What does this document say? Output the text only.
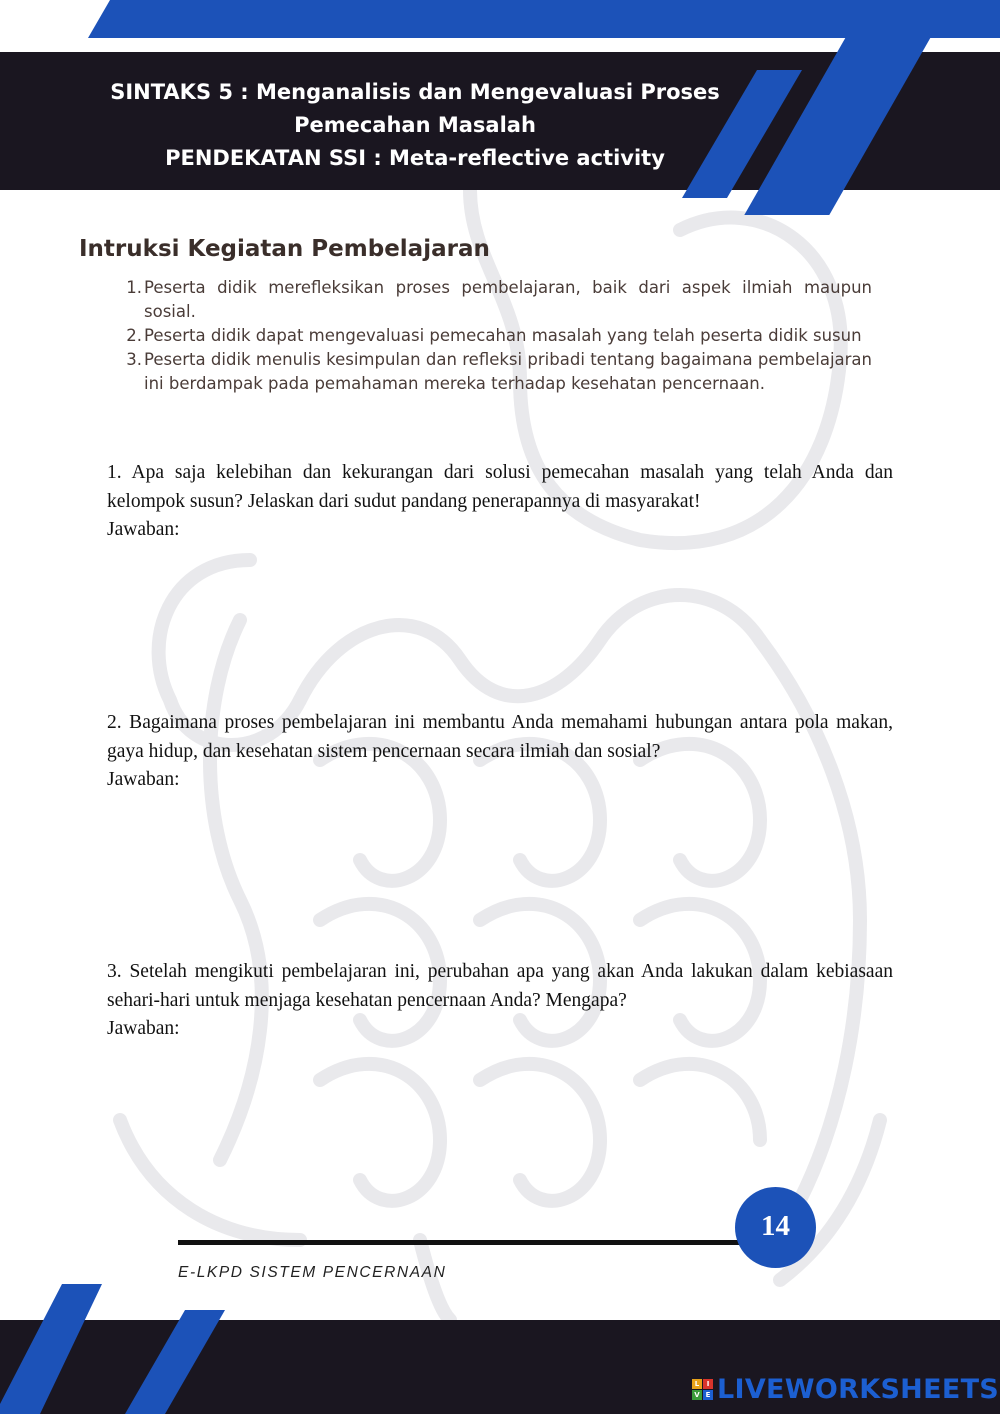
SINTAKS 5 : Menganalisis dan Mengevaluasi Proses
Pemecahan Masalah
PENDEKATAN SSI : Meta-reflective activity
Intruksi Kegiatan Pembelajaran
1. Peserta didik merefleksikan proses pembelajaran, baik dari aspek ilmiah maupun sosial.
2. Peserta didik dapat mengevaluasi pemecahan masalah yang telah peserta didik susun
3. Peserta didik menulis kesimpulan dan refleksi pribadi tentang bagaimana pembelajaran ini berdampak pada pemahaman mereka terhadap kesehatan pencernaan.
1. Apa saja kelebihan dan kekurangan dari solusi pemecahan masalah yang telah Anda dan kelompok susun? Jelaskan dari sudut pandang penerapannya di masyarakat!
Jawaban:
2. Bagaimana proses pembelajaran ini membantu Anda memahami hubungan antara pola makan, gaya hidup, dan kesehatan sistem pencernaan secara ilmiah dan sosial?
Jawaban:
3. Setelah mengikuti pembelajaran ini, perubahan apa yang akan Anda lakukan dalam kebiasaan sehari-hari untuk menjaga kesehatan pencernaan Anda? Mengapa?
Jawaban:
14
E-LKPD SISTEM PENCERNAAN
L	I
V E LIVEWORKSHEETS
